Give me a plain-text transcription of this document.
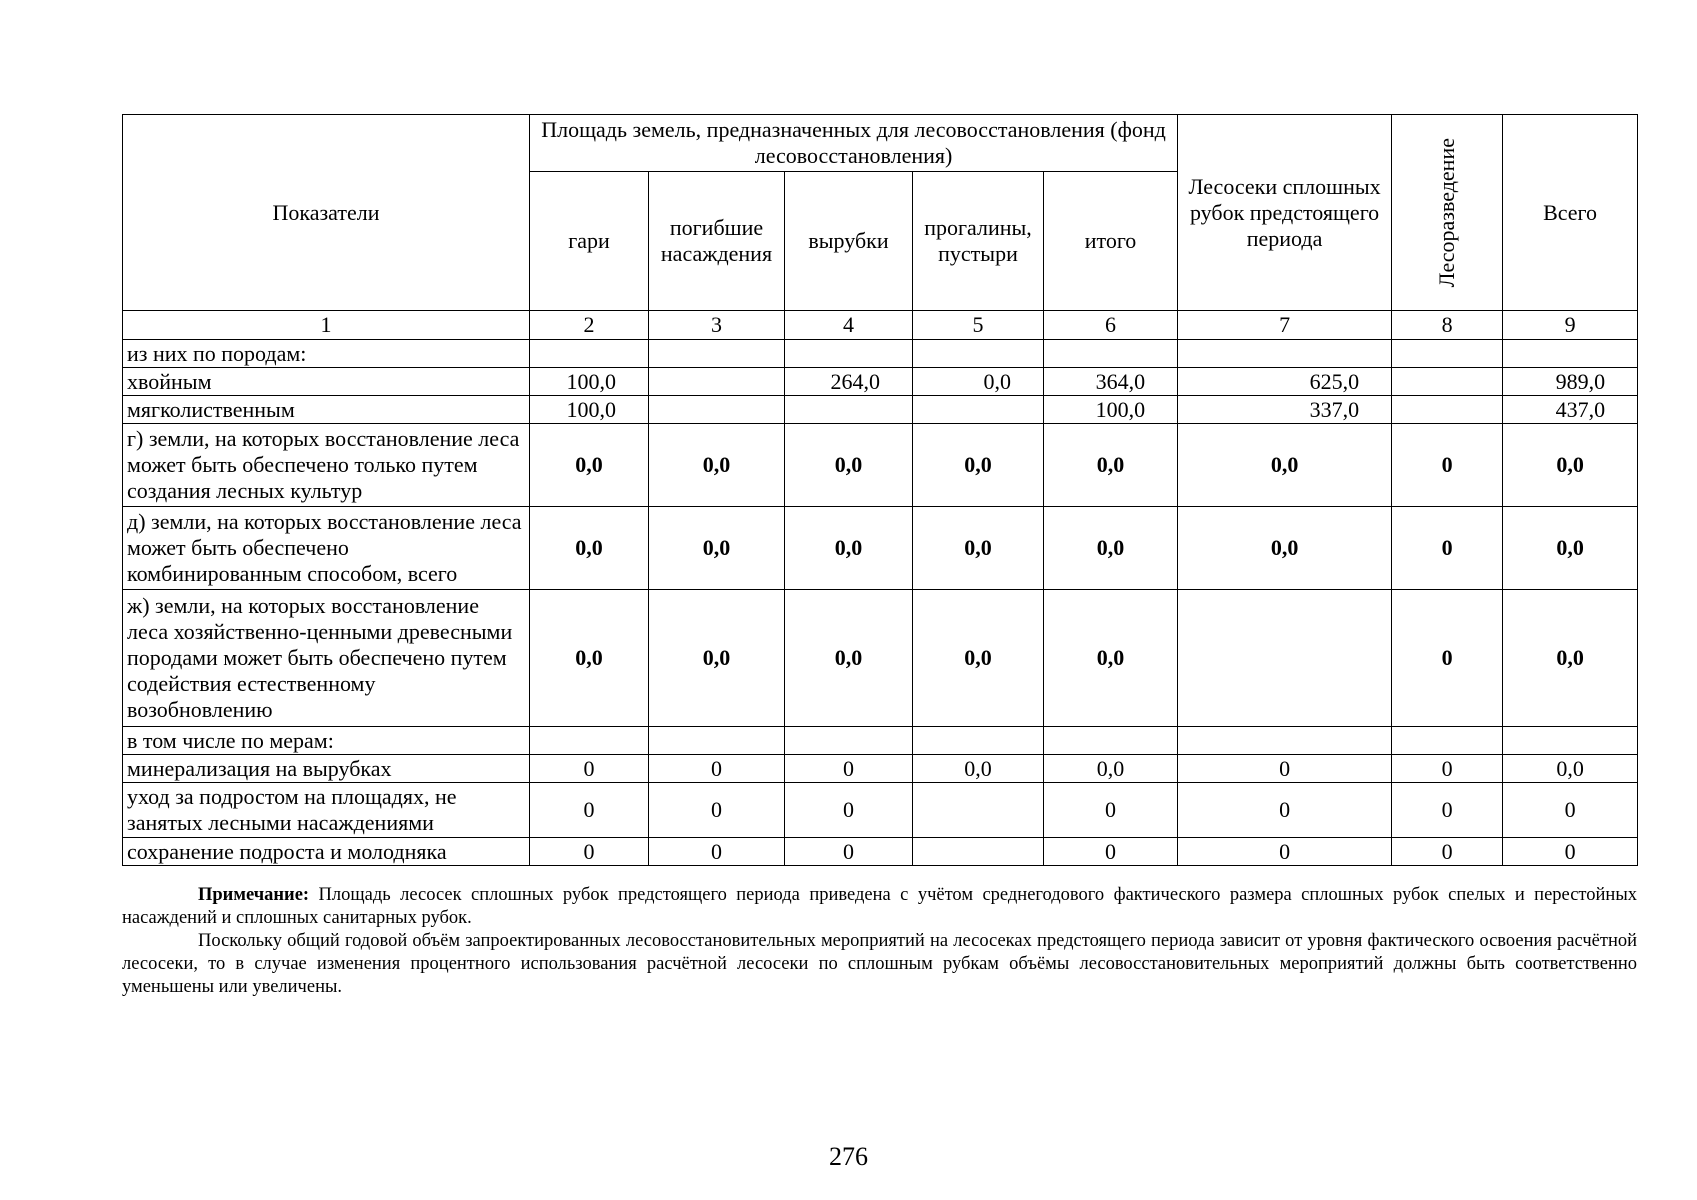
Показатели	Площадь земель, предназначенных для лесовосстановления (фонд лесовосстановления)					Лесосеки сплошных рубок предстоящего периода	Лесоразведение	Всего
	гари	погибшие насаждения	вырубки	прогалины, пустыри	итого			
1	2	3	4	5	6	7	8	9
из них по породам:								
хвойным	100,0		264,0	0,0	364,0	625,0		989,0
мягколиственным	100,0				100,0	337,0		437,0
г) земли, на которых восстановление леса может быть обеспечено только путем создания лесных культур	0,0	0,0	0,0	0,0	0,0	0,0	0	0,0
д) земли, на которых восстановление леса может быть обеспечено комбинированным способом, всего	0,0	0,0	0,0	0,0	0,0	0,0	0	0,0
ж) земли, на которых восстановление леса хозяйственно-ценными древесными породами может быть обеспечено путем содействия естественному возобновлению	0,0	0,0	0,0	0,0	0,0		0	0,0
в том числе по мерам:								
минерализация на вырубках	0	0	0	0,0	0,0	0	0	0,0
уход за подростом на площадях, не занятых лесными насаждениями	0	0	0		0	0	0	0
сохранение подроста и молодняка	0	0	0		0	0	0	0

Примечание: Площадь лесосек сплошных рубок предстоящего периода приведена с учётом среднегодового фактического размера сплошных рубок спелых и перестойных насаждений и сплошных санитарных рубок.

Поскольку общий годовой объём запроектированных лесовосстановительных мероприятий на лесосеках предстоящего периода зависит от уровня фактического освоения расчётной лесосеки, то в случае изменения процентного использования расчётной лесосеки по сплошным рубкам объёмы лесовосстановительных мероприятий должны быть соответственно уменьшены или увеличены.

276
